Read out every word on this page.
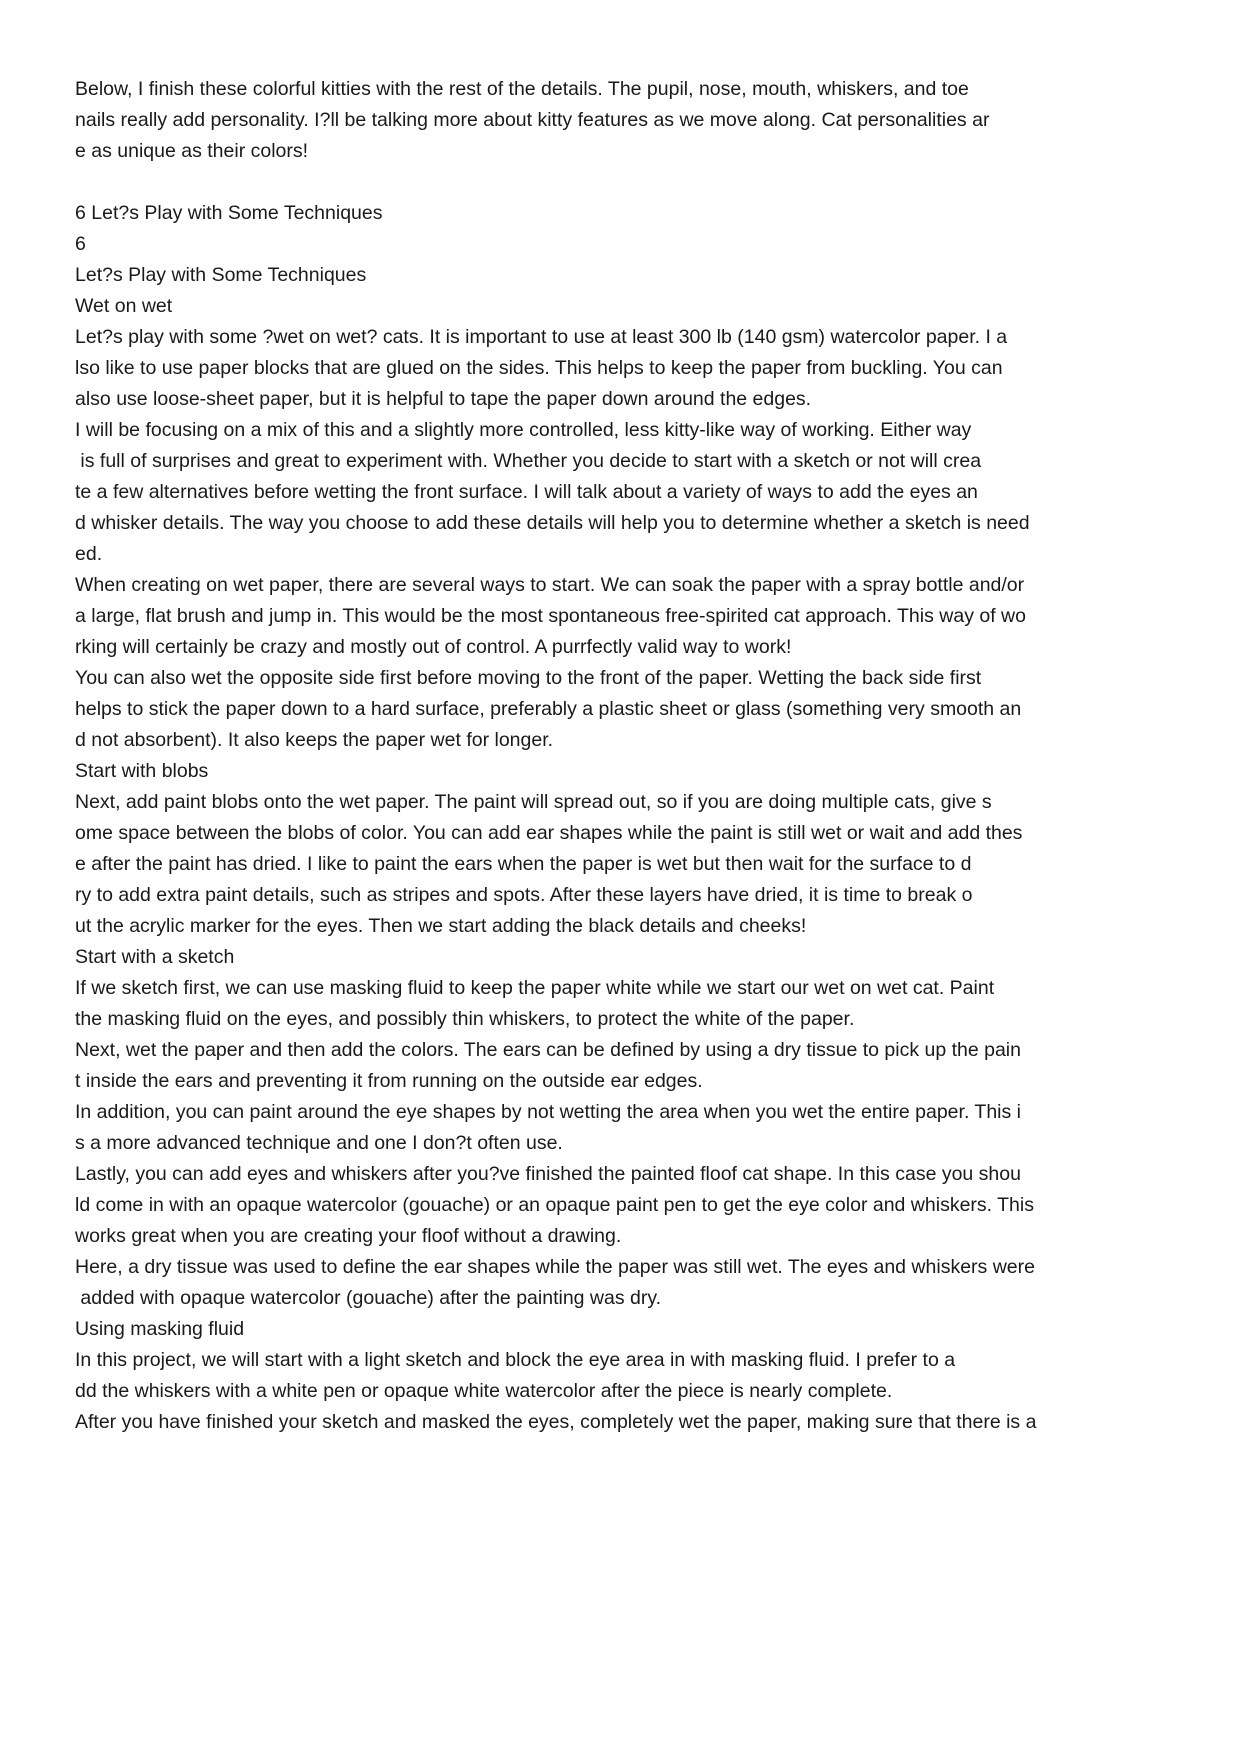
Below, I finish these colorful kitties with the rest of the details. The pupil, nose, mouth, whiskers, and toe
nails really add personality. I?ll be talking more about kitty features as we move along. Cat personalities ar
e as unique as their colors!
6 Let?s Play with Some Techniques
6
Let?s Play with Some Techniques
Wet on wet
Let?s play with some ?wet on wet? cats. It is important to use at least 300 lb (140 gsm) watercolor paper. I a
lso like to use paper blocks that are glued on the sides. This helps to keep the paper from buckling. You can
also use loose-sheet paper, but it is helpful to tape the paper down around the edges.
I will be focusing on a mix of this and a slightly more controlled, less kitty-like way of working. Either way
is full of surprises and great to experiment with. Whether you decide to start with a sketch or not will crea
te a few alternatives before wetting the front surface. I will talk about a variety of ways to add the eyes an
d whisker details. The way you choose to add these details will help you to determine whether a sketch is need
ed.
When creating on wet paper, there are several ways to start. We can soak the paper with a spray bottle and/or
a large, flat brush and jump in. This would be the most spontaneous free-spirited cat approach. This way of wo
rking will certainly be crazy and mostly out of control. A purrfectly valid way to work!
You can also wet the opposite side first before moving to the front of the paper. Wetting the back side first
helps to stick the paper down to a hard surface, preferably a plastic sheet or glass (something very smooth an
d not absorbent). It also keeps the paper wet for longer.
Start with blobs
Next, add paint blobs onto the wet paper. The paint will spread out, so if you are doing multiple cats, give s
ome space between the blobs of color. You can add ear shapes while the paint is still wet or wait and add thes
e after the paint has dried. I like to paint the ears when the paper is wet but then wait for the surface to d
ry to add extra paint details, such as stripes and spots. After these layers have dried, it is time to break o
ut the acrylic marker for the eyes. Then we start adding the black details and cheeks!
Start with a sketch
If we sketch first, we can use masking fluid to keep the paper white while we start our wet on wet cat. Paint
the masking fluid on the eyes, and possibly thin whiskers, to protect the white of the paper.
Next, wet the paper and then add the colors. The ears can be defined by using a dry tissue to pick up the pain
t inside the ears and preventing it from running on the outside ear edges.
In addition, you can paint around the eye shapes by not wetting the area when you wet the entire paper. This i
s a more advanced technique and one I don?t often use.
Lastly, you can add eyes and whiskers after you?ve finished the painted floof cat shape. In this case you shou
ld come in with an opaque watercolor (gouache) or an opaque paint pen to get the eye color and whiskers. This
works great when you are creating your floof without a drawing.
Here, a dry tissue was used to define the ear shapes while the paper was still wet. The eyes and whiskers were
added with opaque watercolor (gouache) after the painting was dry.
Using masking fluid
In this project, we will start with a light sketch and block the eye area in with masking fluid. I prefer to a
dd the whiskers with a white pen or opaque white watercolor after the piece is nearly complete.
After you have finished your sketch and masked the eyes, completely wet the paper, making sure that there is a
